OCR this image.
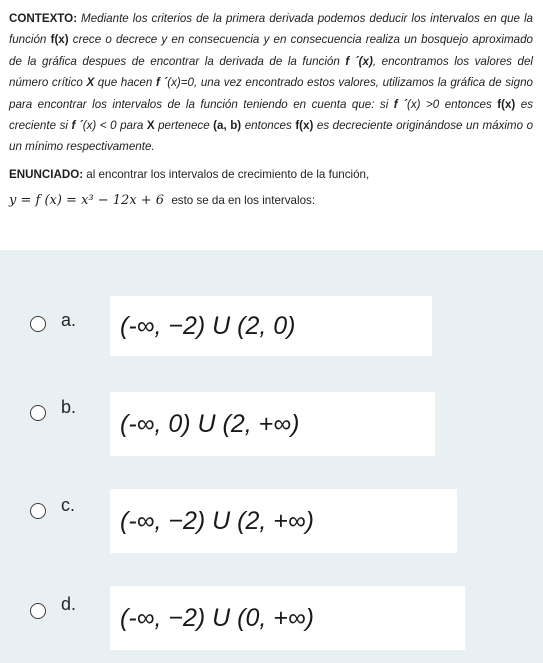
CONTEXTO: Mediante los criterios de la primera derivada podemos deducir los intervalos en que la función f(x) crece o decrece y en consecuencia y en consecuencia realiza un bosquejo aproximado de la gráfica despues de encontrar la derivada de la función f ´(x), encontramos los valores del número crítico X que hacen f ´(x)=0, una vez encontrado estos valores, utilizamos la gráfica de signo para encontrar los intervalos de la función teniendo en cuenta que: si f ´(x) >0 entonces f(x) es creciente si f ´(x) < 0 para X pertenece (a, b) entonces f(x) es decreciente originándose un máximo o un mínimo respectivamente.

ENUNCIADO: al encontrar los intervalos de crecimiento de la función,

y = f (x) = x³ − 12x + 6 esto se da en los intervalos:
a.	(-∞, −2) U (2, 0)
b.
(-∞, 0) U (2, +∞)
c.
(-∞, −2) U (2, +∞)
d.	(-∞, −2) U (0, +∞)
